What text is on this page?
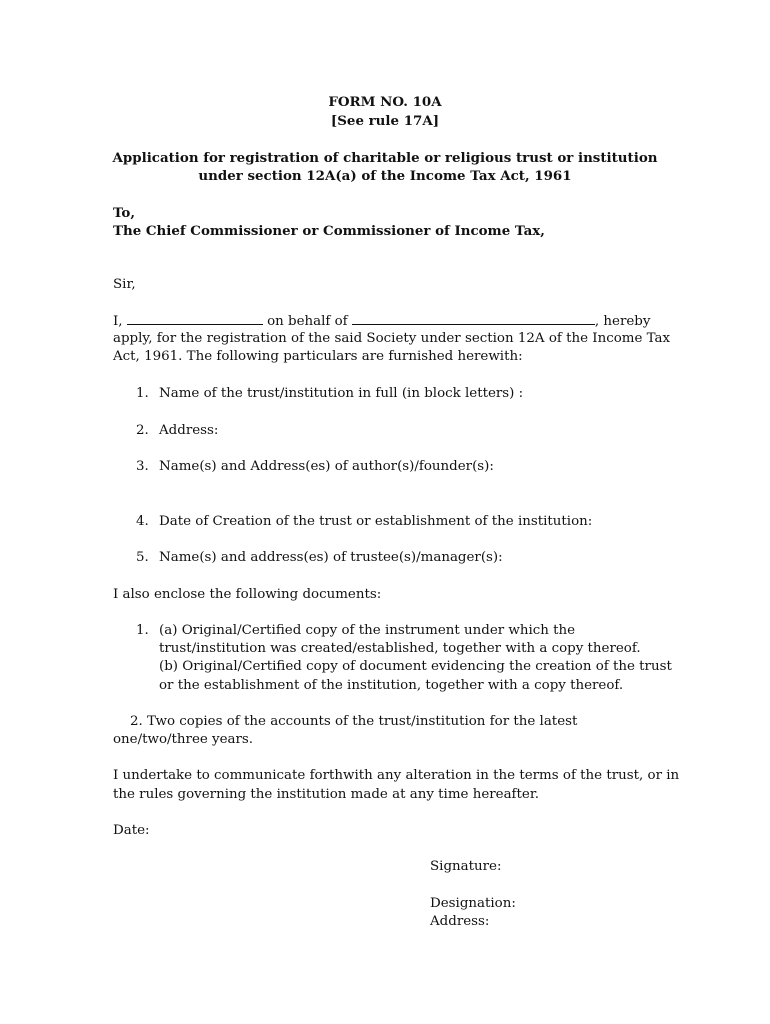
FORM NO. 10A
[See rule 17A]
Application for registration of charitable or religious trust or institution
under section 12A(a) of the Income Tax Act, 1961
To,
The Chief Commissioner or Commissioner of Income Tax,
Sir,
I,	on behalf of	, hereby
apply, for the registration of the said Society under section 12A of the Income Tax
Act, 1961. The following particulars are furnished herewith:
1. Name of the trust/institution in full (in block letters) :
2. Address:
3. Name(s) and Address(es) of author(s)/founder(s):
4. Date of Creation of the trust or establishment of the institution:
5. Name(s) and address(es) of trustee(s)/manager(s):
I also enclose the following documents:
1. (a) Original/Certified copy of the instrument under which the
trust/institution was created/established, together with a copy thereof.
(b) Original/Certified copy of document evidencing the creation of the trust
or the establishment of the institution, together with a copy thereof.
2. Two copies of the accounts of the trust/institution for the latest
one/two/three years.
I undertake to communicate forthwith any alteration in the terms of the trust, or in
the rules governing the institution made at any time hereafter.
Date:
Signature:
Designation:
Address:
